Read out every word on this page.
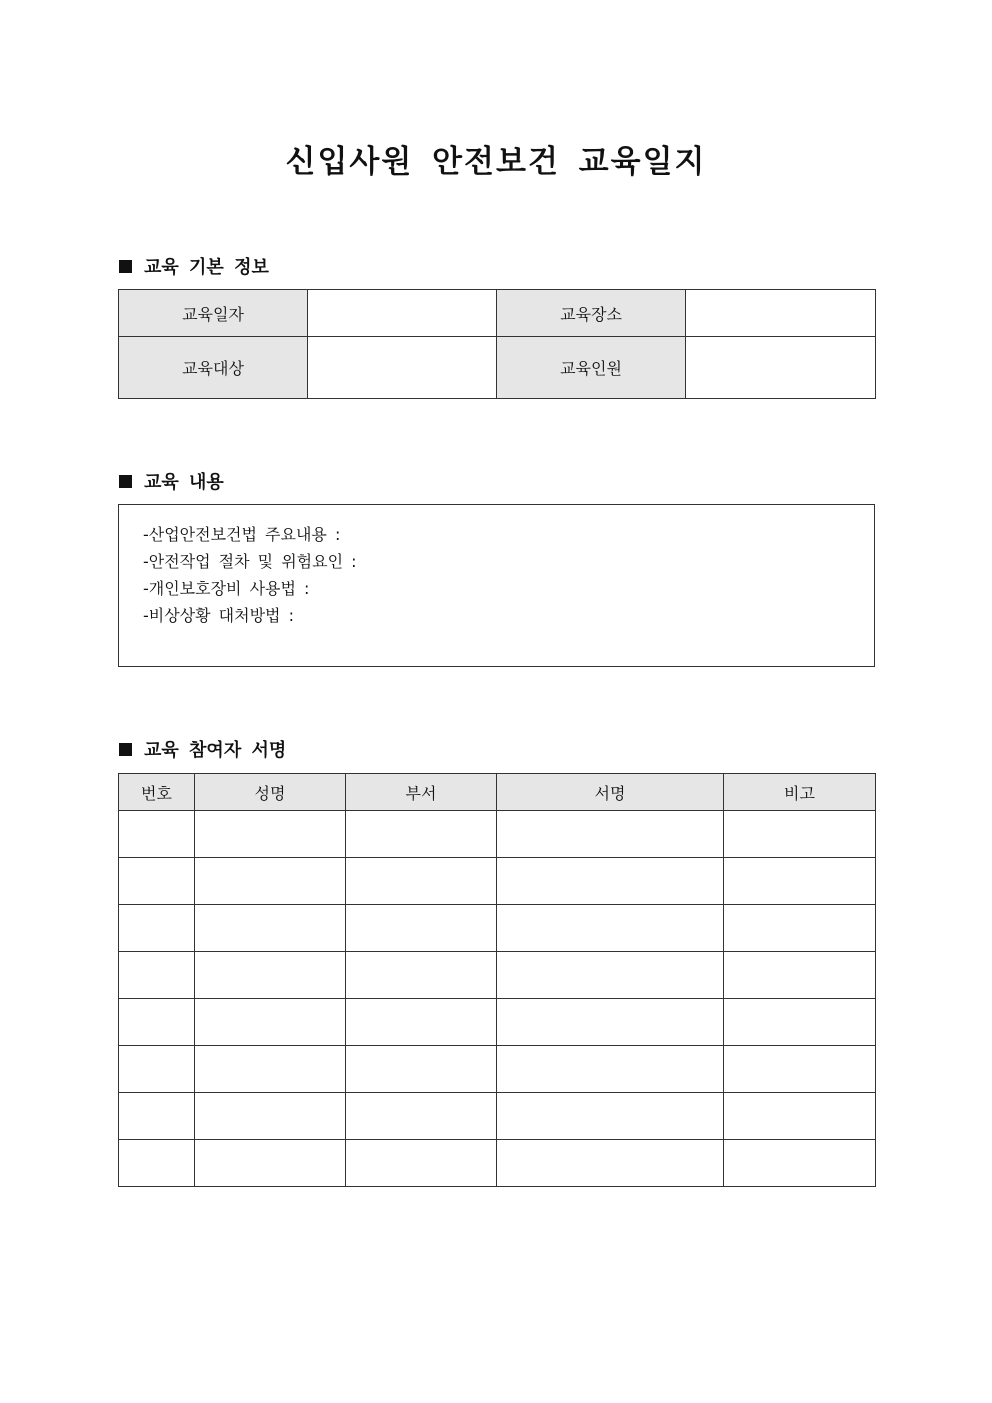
신입사원 안전보건 교육일지
교육 기본 정보
교육일자		교육장소	
교육대상		교육인원	
교육 내용
-산업안전보건법 주요내용 :
-안전작업 절차 및 위험요인 :
-개인보호장비 사용법 :
-비상상황 대처방법 :
교육 참여자 서명
번호	성명	부서	서명	비고
